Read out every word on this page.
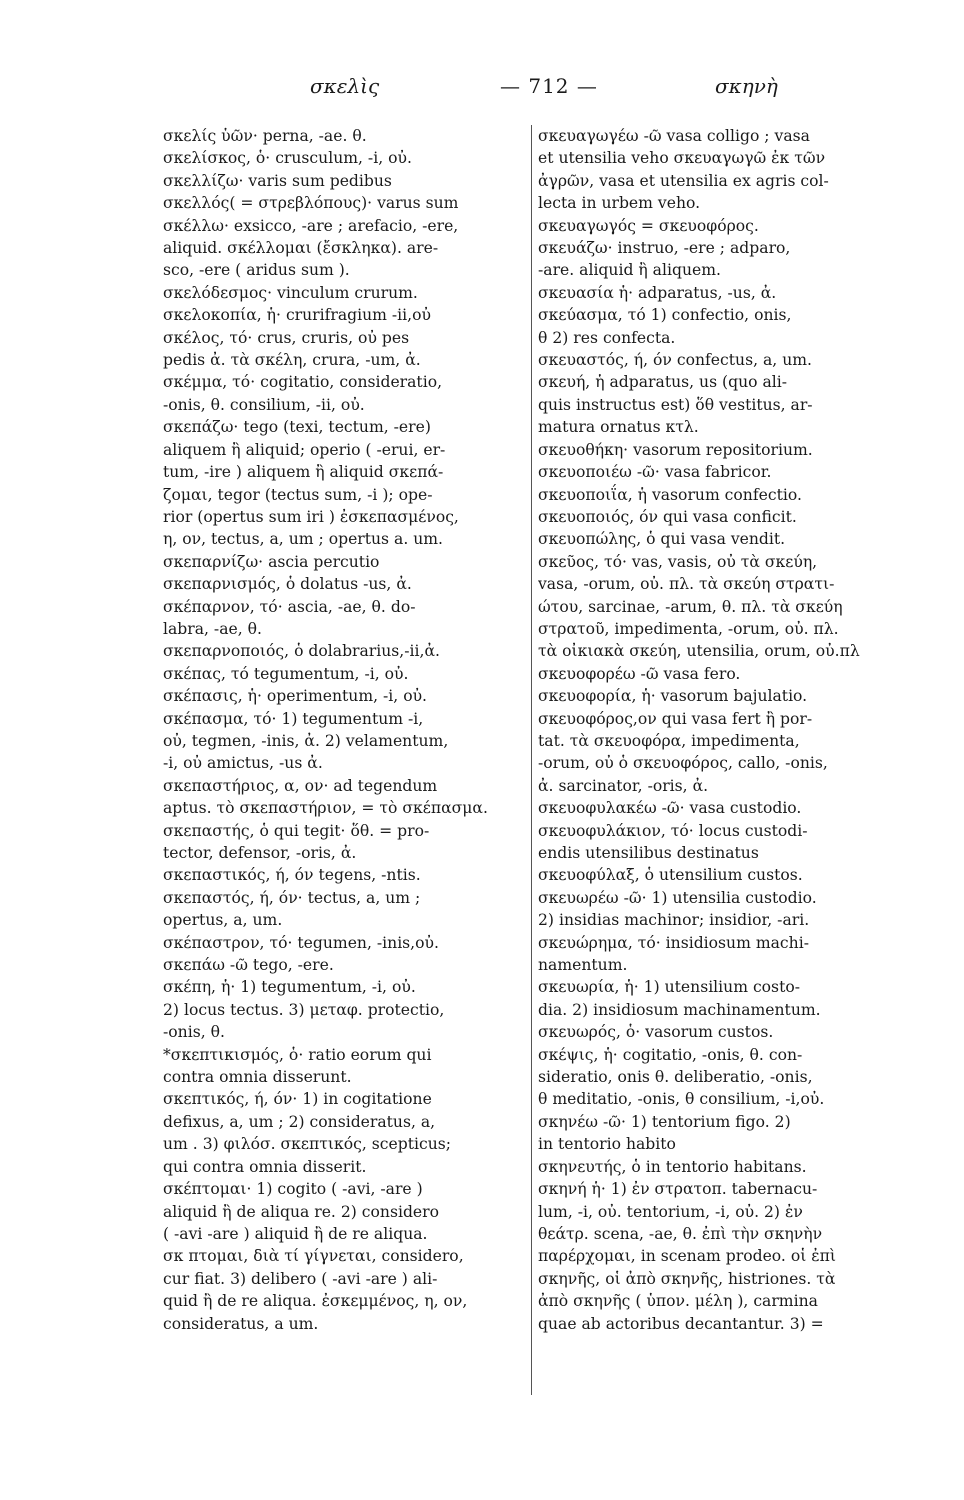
σκελὶς	— 712 —	σκηνὴ
σκελίς ὑῶν· perna, -ae. θ.
σκελίσκος, ὁ· crusculum, -i, οὐ.
σκελλίζω· varis sum pedibus
σκελλός( = στρεβλόπους)· varus sum
σκέλλω· exsicco, -are ; arefacio, -ere,
aliquid. σκέλλομαι (ἔσκληκα). are-
sco, -ere ( aridus sum ).
σκελόδεσμος· vinculum crurum.
σκελοκοπία, ἡ· crurifragium -ii,οὐ
σκέλος, τό· crus, cruris, οὐ pes
pedis ἀ. τὰ σκέλη, crura, -um, ἀ.
σκέμμα, τό· cogitatio, consideratio,
-onis, θ. consilium, -ii, οὐ.
σκεπάζω· tego (texi, tectum, -ere)
aliquem ἢ aliquid; operio ( -erui, er-
tum, -ire ) aliquem ἢ aliquid σκεπά-
ζομαι, tegor (tectus sum, -i ); ope-
rior (opertus sum iri ) ἐσκεπασμένος,
η, ον, tectus, a, um ; opertus a. um.
σκεπαρνίζω· ascia percutio
σκεπαρνισμός, ὁ dolatus -us, ἀ.
σκέπαρνον, τό· ascia, -ae, θ. do-
labra, -ae, θ.
σκεπαρνοποιός, ὁ dolabrarius,-ii,ἀ.
σκέπας, τό tegumentum, -i, οὐ.
σκέπασις, ἡ· operimentum, -i, οὐ.
σκέπασμα, τό· 1) tegumentum -i,
οὐ, tegmen, -inis, ἀ. 2) velamentum,
-i, οὐ amictus, -us ἀ.
σκεπαστήριος, α, ον· ad tegendum
aptus. τὸ σκεπαστήριον, = τὸ σκέπασμα.
σκεπαστής, ὁ qui tegit· ὅθ. = pro-
tector, defensor, -oris, ἀ.
σκεπαστικός, ή, όν tegens, -ntis.
σκεπαστός, ή, όν· tectus, a, um ;
opertus, a, um.
σκέπαστρον, τό· tegumen, -inis,οὐ.
σκεπάω -ῶ tego, -ere.
σκέπη, ἡ· 1) tegumentum, -i, οὐ.
2) locus tectus. 3) μεταφ. protectio,
-onis, θ.
*σκεπτικισμός, ὁ· ratio eorum qui
contra omnia disserunt.
σκεπτικός, ή, όν· 1) in cogitatione
defixus, a, um ; 2) consideratus, a,
um . 3) φιλόσ. σκεπτικός, scepticus;
qui contra omnia disserit.
σκέπτομαι· 1) cogito ( -avi, -are )
aliquid ἢ de aliqua re. 2) considero
( -avi -are ) aliquid ἢ de re aliqua.
σκ πτομαι, διὰ τί γίγνεται, considero,
cur fiat. 3) delibero ( -avi -are ) ali-
quid ἢ de re aliqua. ἐσκεμμένος, η, ον,
consideratus, a um.
σκευαγωγέω -ῶ vasa colligo ; vasa
et utensilia veho σκευαγωγῶ ἐκ τῶν
ἀγρῶν, vasa et utensilia ex agris col-
lecta in urbem veho.
σκευαγωγός = σκευοφόρος.
σκευάζω· instruo, -ere ; adparo,
-are. aliquid ἢ aliquem.
σκευασία ἡ· adparatus, -us, ἀ.
σκεύασμα, τό 1) confectio, onis,
θ 2) res confecta.
σκευαστός, ή, όν confectus, a, um.
σκευή, ἡ adparatus, us (quo ali-
quis instructus est) ὅθ vestitus, ar-
matura ornatus κτλ.
σκευοθήκη· vasorum repositorium.
σκευοποιέω -ῶ· vasa fabricor.
σκευοποιΐα, ἡ vasorum confectio.
σκευοποιός, όν qui vasa conficit.
σκευοπώλης, ὁ qui vasa vendit.
σκεῦος, τό· vas, vasis, οὐ τὰ σκεύη,
vasa, -orum, οὐ. πλ. τὰ σκεύη στρατι-
ώτου, sarcinae, -arum, θ. πλ. τὰ σκεύη
στρατοῦ, impedimenta, -orum, οὐ. πλ.
τὰ οἰκιακὰ σκεύη, utensilia, orum, οὐ.πλ
σκευοφορέω -ῶ vasa fero.
σκευοφορία, ἡ· vasorum bajulatio.
σκευοφόρος,ον qui vasa fert ἢ por-
tat. τὰ σκευοφόρα, impedimenta,
-orum, οὐ ὁ σκευοφόρος, callo, -onis,
ἀ. sarcinator, -oris, ἀ.
σκευοφυλακέω -ῶ· vasa custodio.
σκευοφυλάκιον, τό· locus custodi-
endis utensilibus destinatus
σκευοφύλαξ, ὁ utensilium custos.
σκευωρέω -ῶ· 1) utensilia custodio.
2) insidias machinor; insidior, -ari.
σκευώρημα, τό· insidiosum machi-
namentum.
σκευωρία, ἡ· 1) utensilium costo-
dia. 2) insidiosum machinamentum.
σκευωρός, ὁ· vasorum custos.
σκέψις, ἡ· cogitatio, -onis, θ. con-
sideratio, onis θ. deliberatio, -onis,
θ meditatio, -onis, θ consilium, -i,οὐ.
σκηνέω -ῶ· 1) tentorium figo. 2)
in tentorio habito
σκηνευτής, ὁ in tentorio habitans.
σκηνή ἡ· 1) ἐν στρατοπ. tabernacu-
lum, -i, οὐ. tentorium, -i, οὐ. 2) ἐν
θεάτρ. scena, -ae, θ. ἐπὶ τὴν σκηνὴν
παρέρχομαι, in scenam prodeo. οἱ ἐπὶ
σκηνῆς, οἱ ἀπὸ σκηνῆς, histriones. τὰ
ἀπὸ σκηνῆς ( ὑπον. μέλη ), carmina
quae ab actoribus decantantur. 3) =
